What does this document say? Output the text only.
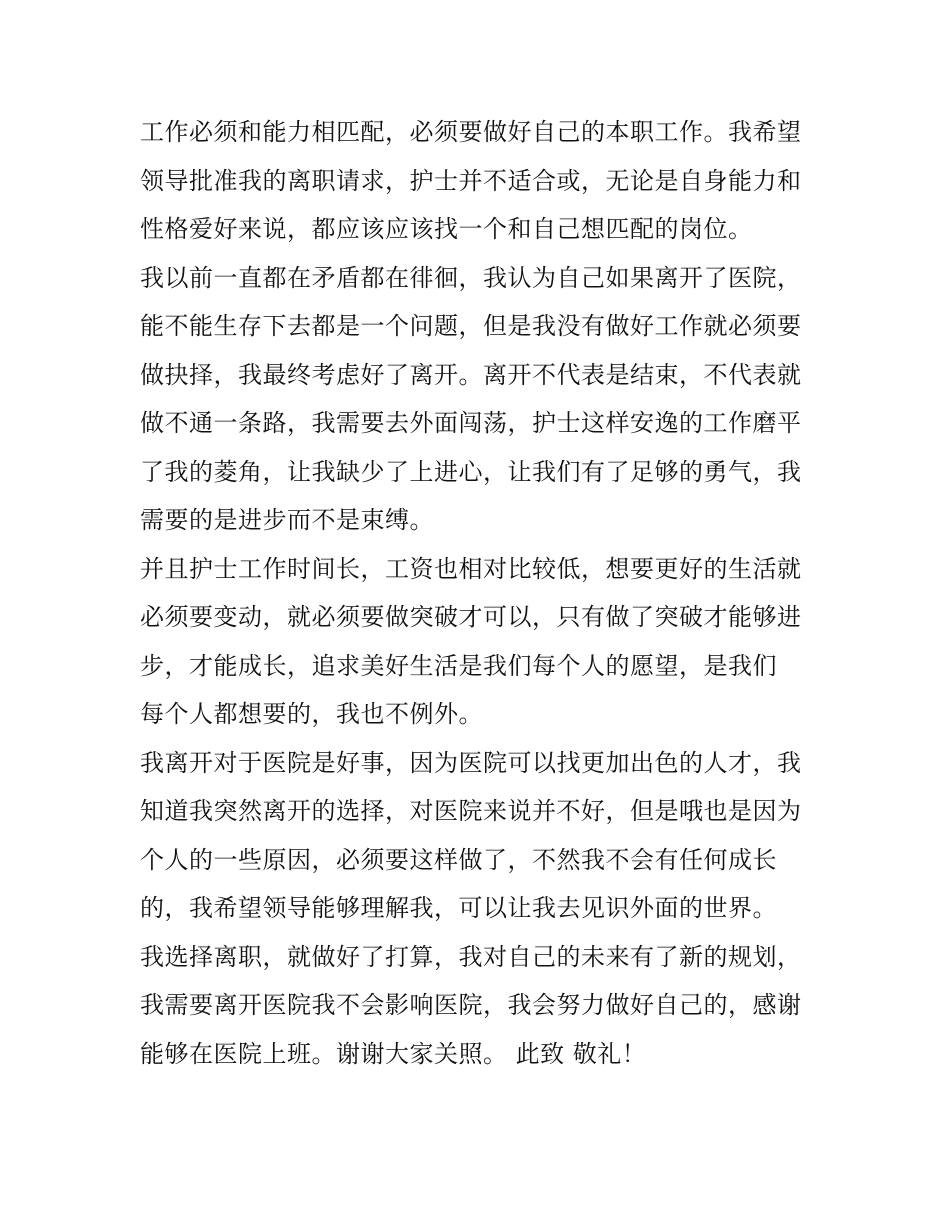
工作必须和能力相匹配，必须要做好自己的本职工作。我希望
领导批准我的离职请求，护士并不适合或，无论是自身能力和
性格爱好来说，都应该应该找一个和自己想匹配的岗位。
我以前一直都在矛盾都在徘徊，我认为自己如果离开了医院，
能不能生存下去都是一个问题，但是我没有做好工作就必须要
做抉择，我最终考虑好了离开。离开不代表是结束，不代表就
做不通一条路，我需要去外面闯荡，护士这样安逸的工作磨平
了我的菱角，让我缺少了上进心，让我们有了足够的勇气，我
需要的是进步而不是束缚。
并且护士工作时间长，工资也相对比较低，想要更好的生活就
必须要变动，就必须要做突破才可以，只有做了突破才能够进
步，才能成长，追求美好生活是我们每个人的愿望，是我们
每个人都想要的，我也不例外。
我离开对于医院是好事，因为医院可以找更加出色的人才，我
知道我突然离开的选择，对医院来说并不好，但是哦也是因为
个人的一些原因，必须要这样做了，不然我不会有任何成长
的，我希望领导能够理解我，可以让我去见识外面的世界。
我选择离职，就做好了打算，我对自己的未来有了新的规划，
我需要离开医院我不会影响医院，我会努力做好自己的，感谢
能够在医院上班。谢谢大家关照。 此致 敬礼！
